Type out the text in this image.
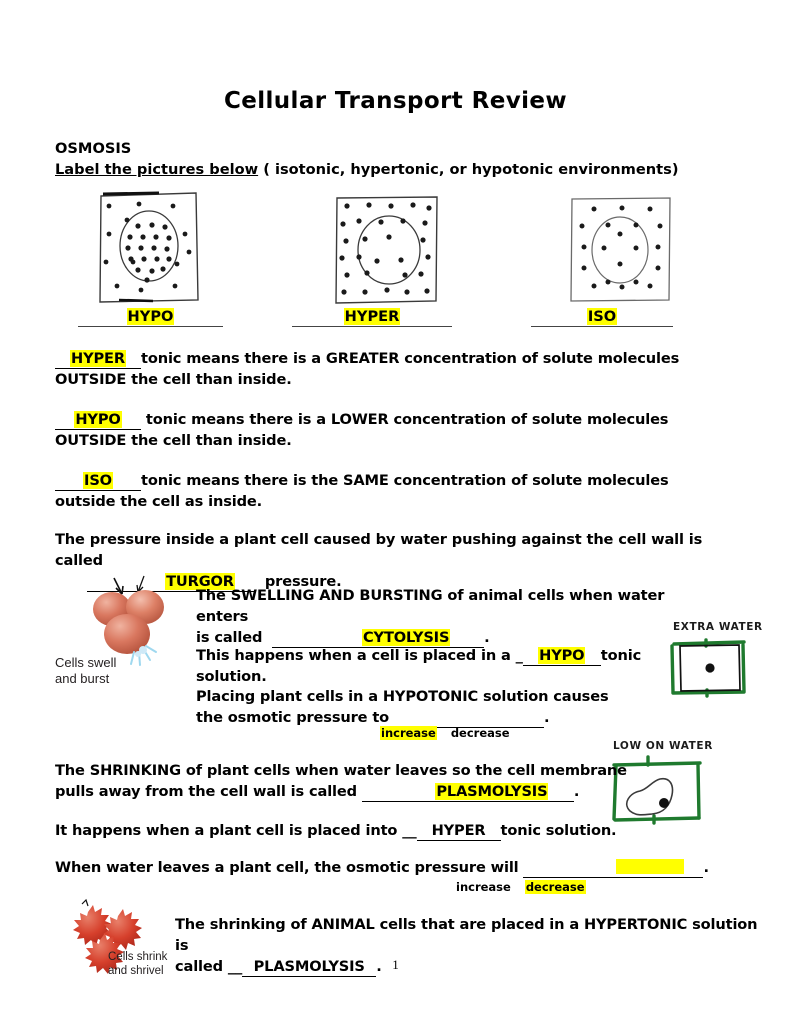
Cellular Transport Review
OSMOSIS
Label the pictures below ( isotonic, hypertonic, or hypotonic environments)
HYPO	HYPER	ISO
HYPER tonic means there is a GREATER concentration of solute molecules
OUTSIDE the cell than inside.
HYPO tonic means there is a LOWER concentration of solute molecules
OUTSIDE the cell than inside.
ISO tonic means there is the SAME concentration of solute molecules
outside the cell as inside.
The pressure inside a plant cell caused by water pushing against the cell wall is called
TURGOR pressure.
Cells swell
and burst
The SWELLING AND BURSTING of animal cells when water enters
is called	CYTOLYSIS .
This happens when a cell is placed in a _ HYPO tonic solution.
Placing plant cells in a HYPOTONIC solution causes
the osmotic pressure to	.
increase decrease
EXTRA WATER
LOW ON WATER
The SHRINKING of plant cells when water leaves so the cell membrane
pulls away from the cell wall is called	PLASMOLYSIS .
It happens when a plant cell is placed into __ HYPER tonic solution.
When water leaves a plant cell, the osmotic pressure will	.
increase decrease
Cells shrink
and shrivel
The shrinking of ANIMAL cells that are placed in a HYPERTONIC solution is
called __ PLASMOLYSIS . 1
